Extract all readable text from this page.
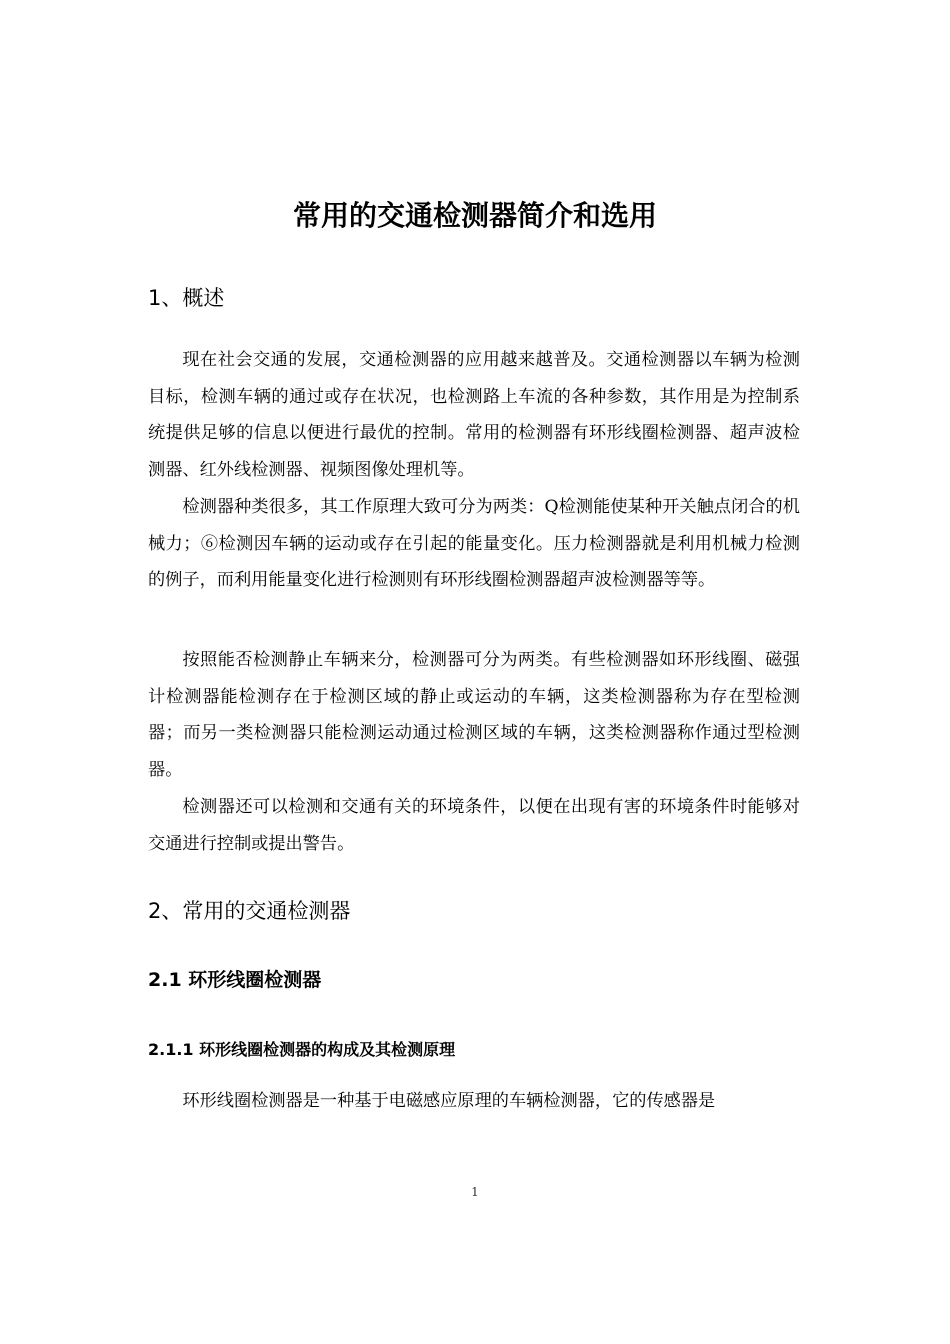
常用的交通检测器简介和选用
1、概述

现在社会交通的发展，交通检测器的应用越来越普及。交通检测器以车辆为检测目标，检测车辆的通过或存在状况，也检测路上车流的各种参数，其作用是为控制系统提供足够的信息以便进行最优的控制。常用的检测器有环形线圈检测器、超声波检测器、红外线检测器、视频图像处理机等。

检测器种类很多，其工作原理大致可分为两类：Q检测能使某种开关触点闭合的机械力；⑥检测因车辆的运动或存在引起的能量变化。压力检测器就是利用机械力检测的例子，而利用能量变化进行检测则有环形线圈检测器超声波检测器等等。

按照能否检测静止车辆来分，检测器可分为两类。有些检测器如环形线圈、磁强计检测器能检测存在于检测区域的静止或运动的车辆，这类检测器称为存在型检测器；而另一类检测器只能检测运动通过检测区域的车辆，这类检测器称作通过型检测器。

检测器还可以检测和交通有关的环境条件，以便在出现有害的环境条件时能够对交通进行控制或提出警告。

2、常用的交通检测器
2.1 环形线圈检测器
2.1.1 环形线圈检测器的构成及其检测原理

环形线圈检测器是一种基于电磁感应原理的车辆检测器，它的传感器是

1
